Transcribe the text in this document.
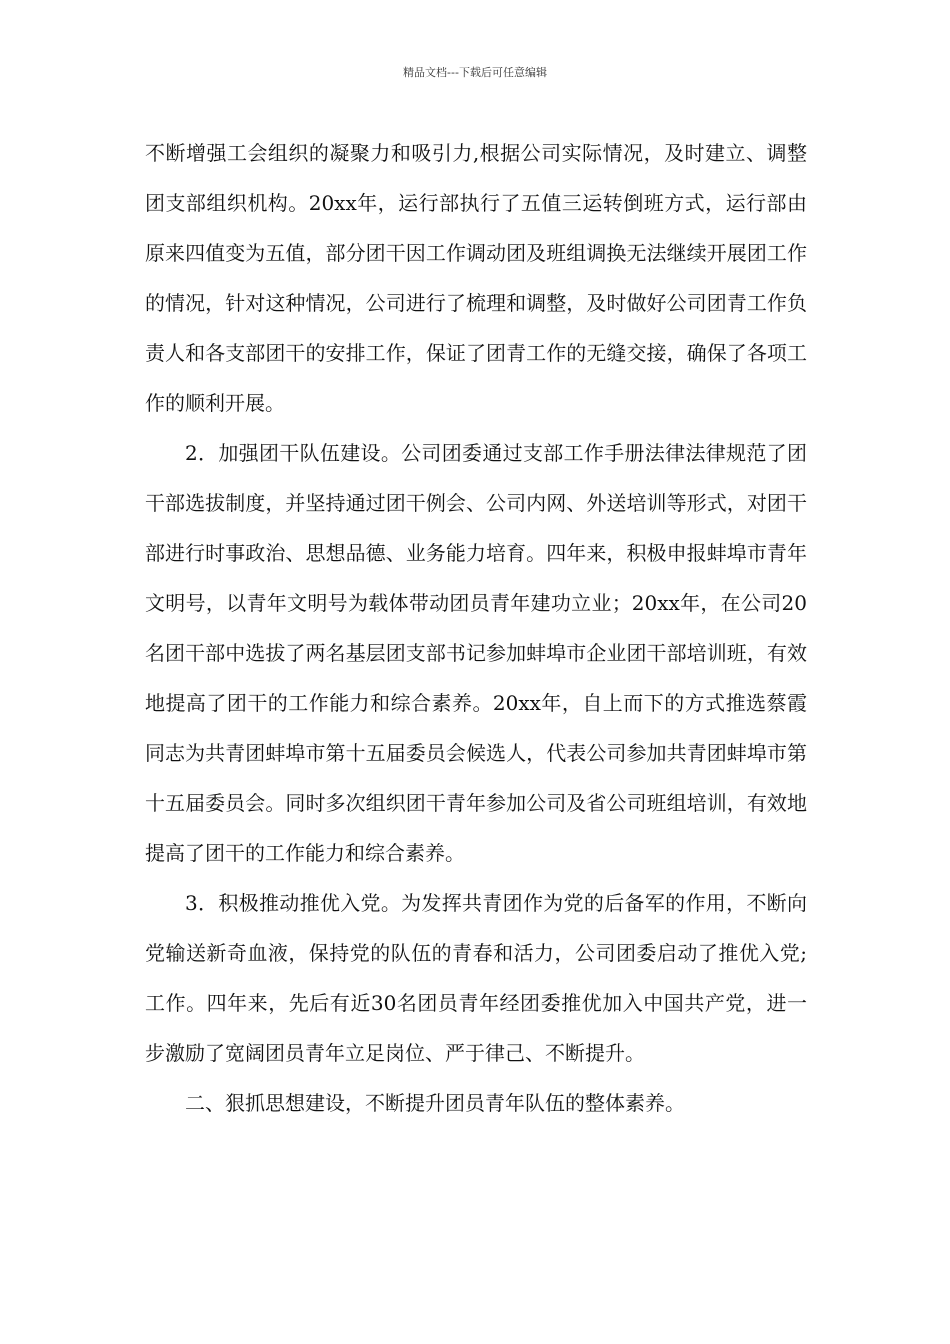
精品文档---下载后可任意编辑

不断增强工会组织的凝聚力和吸引力,根据公司实际情况，及时建立、调整团支部组织机构。20xx年，运行部执行了五值三运转倒班方式，运行部由原来四值变为五值，部分团干因工作调动团及班组调换无法继续开展团工作的情况，针对这种情况，公司进行了梳理和调整，及时做好公司团青工作负责人和各支部团干的安排工作，保证了团青工作的无缝交接，确保了各项工作的顺利开展。

2．加强团干队伍建设。公司团委通过支部工作手册法律法律规范了团干部选拔制度，并坚持通过团干例会、公司内网、外送培训等形式，对团干部进行时事政治、思想品德、业务能力培育。四年来，积极申报蚌埠市青年文明号，以青年文明号为载体带动团员青年建功立业；20xx年，在公司20名团干部中选拔了两名基层团支部书记参加蚌埠市企业团干部培训班，有效地提高了团干的工作能力和综合素养。20xx年，自上而下的方式推选蔡霞同志为共青团蚌埠市第十五届委员会候选人，代表公司参加共青团蚌埠市第十五届委员会。同时多次组织团干青年参加公司及省公司班组培训，有效地提高了团干的工作能力和综合素养。

3．积极推动推优入党。为发挥共青团作为党的后备军的作用，不断向党输送新奇血液，保持党的队伍的青春和活力，公司团委启动了推优入党;工作。四年来，先后有近30名团员青年经团委推优加入中国共产党，进一步激励了宽阔团员青年立足岗位、严于律己、不断提升。

二、狠抓思想建设，不断提升团员青年队伍的整体素养。
